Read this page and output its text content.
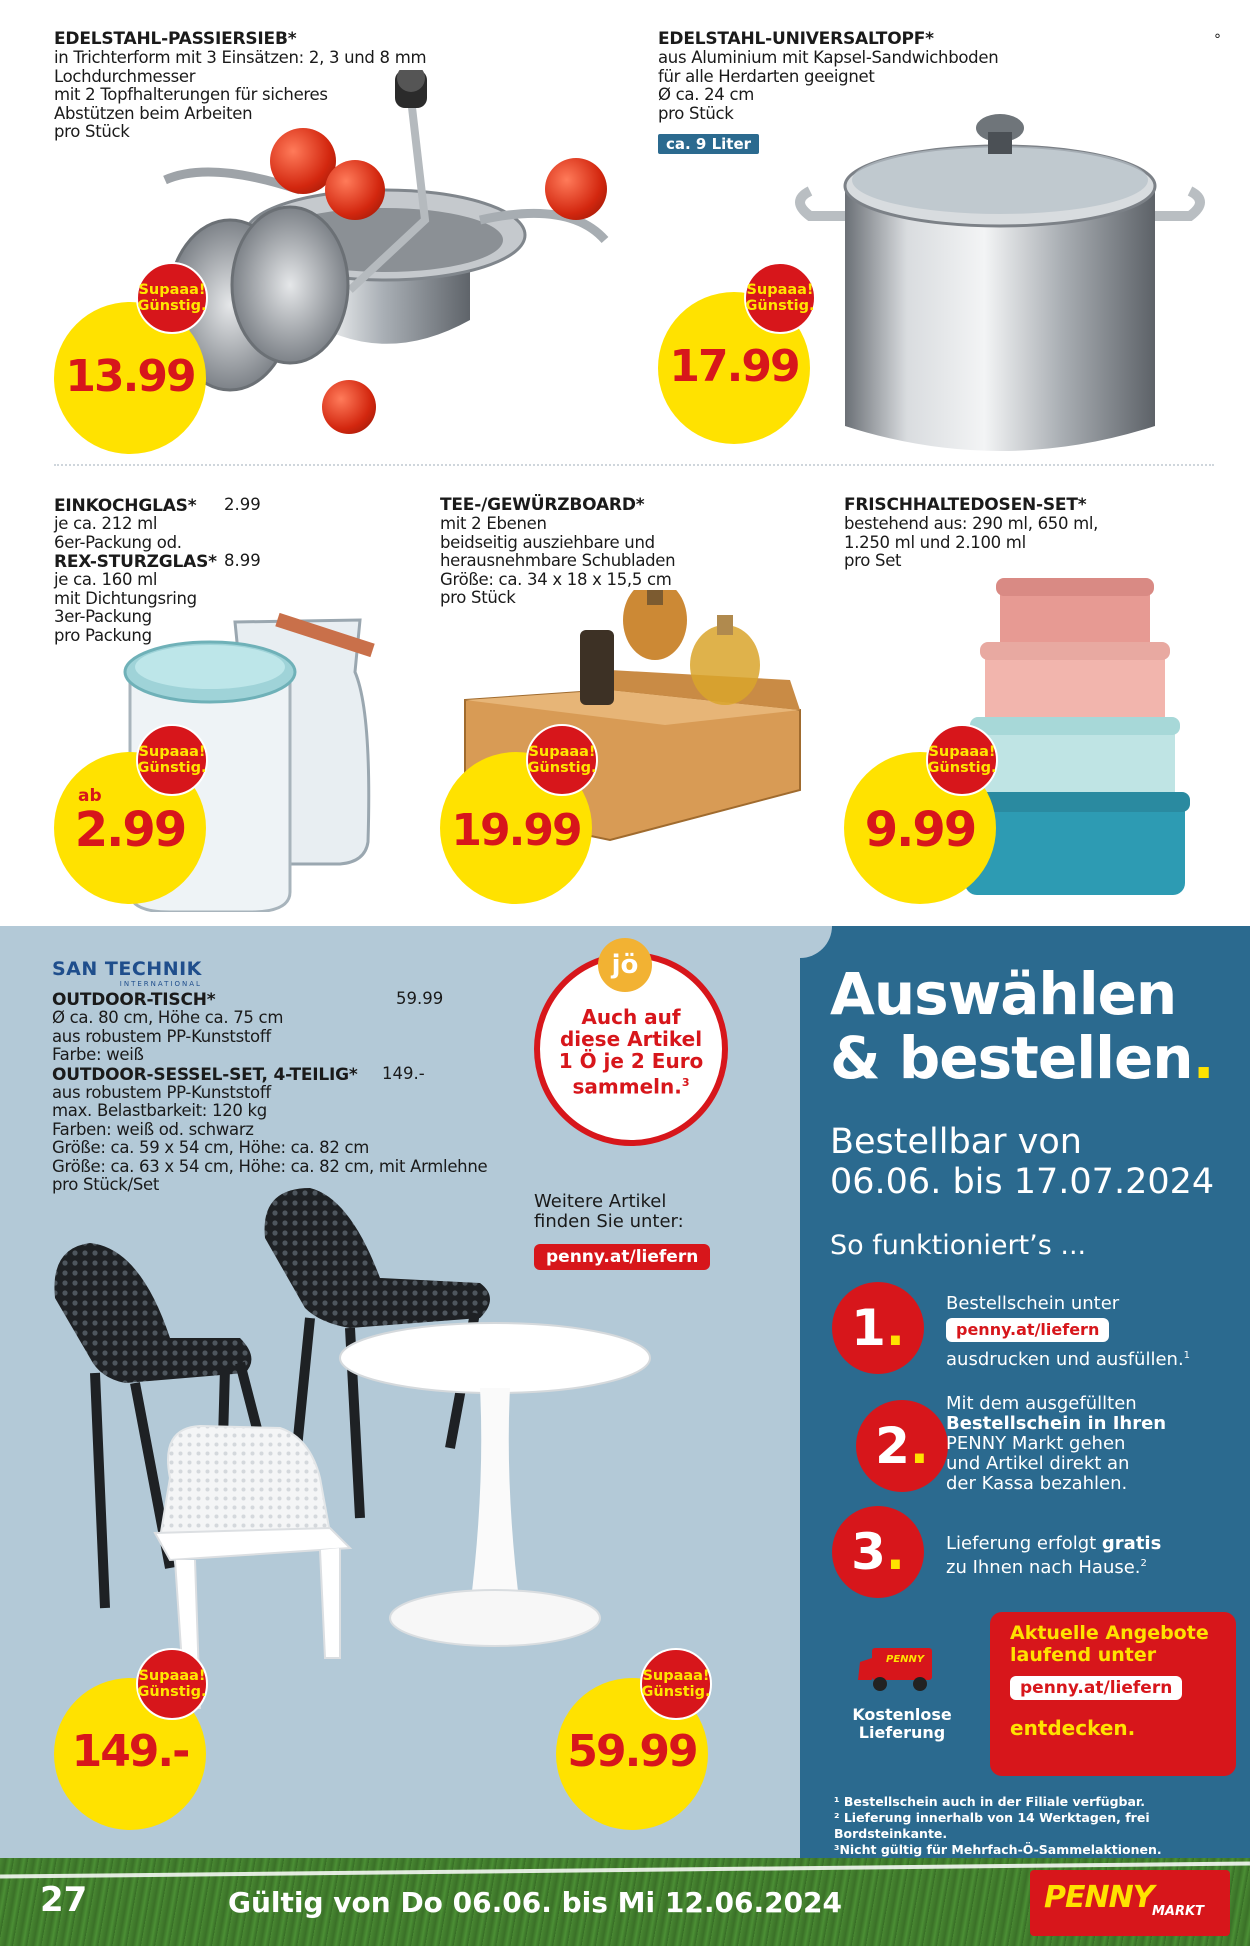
°
EDELSTAHL-PASSIERSIEB*
in Trichterform mit 3 Einsätzen: 2, 3 und 8 mm
Lochdurchmesser
mit 2 Topfhalterungen für sicheres
Abstützen beim Arbeiten
pro Stück
13.99
Supaaa!
Günstig.
EDELSTAHL-UNIVERSALTOPF*
aus Aluminium mit Kapsel-Sandwichboden
für alle Herdarten geeignet
Ø ca. 24 cm
pro Stück
ca. 9 Liter
17.99
Supaaa!
Günstig.
EINKOCHGLAS* 2.99
je ca. 212 ml
6er-Packung od.
REX-STURZGLAS* 8.99
je ca. 160 ml
mit Dichtungsring
3er-Packung
pro Packung
ab
2.99
Supaaa!
Günstig.
TEE-/GEWÜRZBOARD*
mit 2 Ebenen
beidseitig ausziehbare und
herausnehmbare Schubladen
Größe: ca. 34 x 18 x 15,5 cm
pro Stück
19.99
Supaaa!
Günstig.
FRISCHHALTEDOSEN-SET*
bestehend aus: 290 ml, 650 ml,
1.250 ml und 2.100 ml
pro Set
9.99
Supaaa!
Günstig.
SAN TECHNIK
INTERNATIONAL
OUTDOOR-TISCH*	59.99
Ø ca. 80 cm, Höhe ca. 75 cm
aus robustem PP-Kunststoff
Farbe: weiß
OUTDOOR-SESSEL-SET, 4-TEILIG* 149.-
aus robustem PP-Kunststoff
max. Belastbarkeit: 120 kg
Farben: weiß od. schwarz
Größe: ca. 59 x 54 cm, Höhe: ca. 82 cm
Größe: ca. 63 x 54 cm, Höhe: ca. 82 cm, mit Armlehne
pro Stück/Set
jö
Auch auf
diese Artikel
1 Ö je 2 Euro
sammeln.$^3$
Weitere Artikel
finden Sie unter:
penny.at/liefern
149.-
Supaaa!
Günstig.
59.99
Supaaa!
Günstig.
Auswählen
& bestellen.
Bestellbar von
06.06. bis 17.07.2024
So funktioniert’s ...
1 . Bestellschein unter
penny.at/liefern
ausdrucken und ausfüllen.$^1$
2 .
Mit dem ausgefüllten
Bestellschein in Ihren
PENNY Markt gehen
und Artikel direkt an
der Kassa bezahlen.
3 . Lieferung erfolgt gratis
zu Ihnen nach Hause.$^2$
PENNY
Kostenlose
Lieferung
Aktuelle Angebote
laufend unter
penny.at/liefern
entdecken.
¹ Bestellschein auch in der Filiale verfügbar.
² Lieferung innerhalb von 14 Werktagen, frei Bordsteinkante.
³Nicht gültig für Mehrfach-Ö-Sammelaktionen.
27	Gültig von Do 06.06. bis Mi 12.06.2024	PENNY
MARKT
